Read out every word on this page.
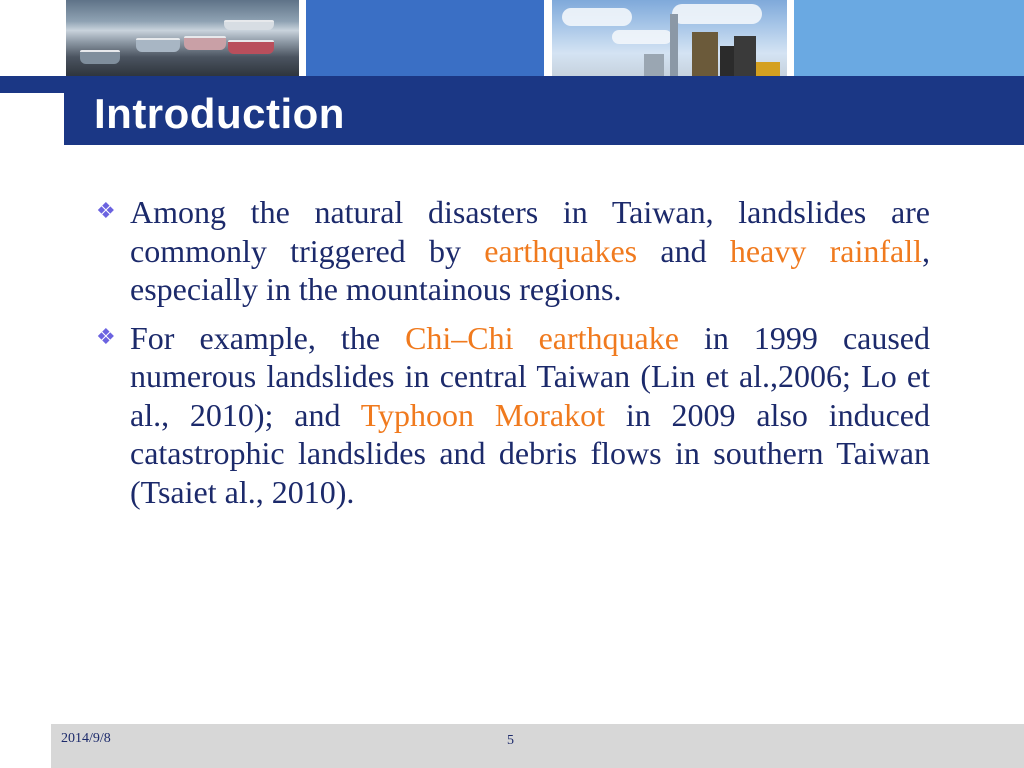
Introduction
❖ Among the natural disasters in Taiwan, landslides are commonly triggered by earthquakes and heavy rainfall, especially in the mountainous regions.
❖ For example, the Chi–Chi earthquake in 1999 caused numerous landslides in central Taiwan (Lin et al.,2006; Lo et al., 2010); and Typhoon Morakot in 2009 also induced catastrophic landslides and debris flows in southern Taiwan (Tsaiet al., 2010).
2014/9/8	5
